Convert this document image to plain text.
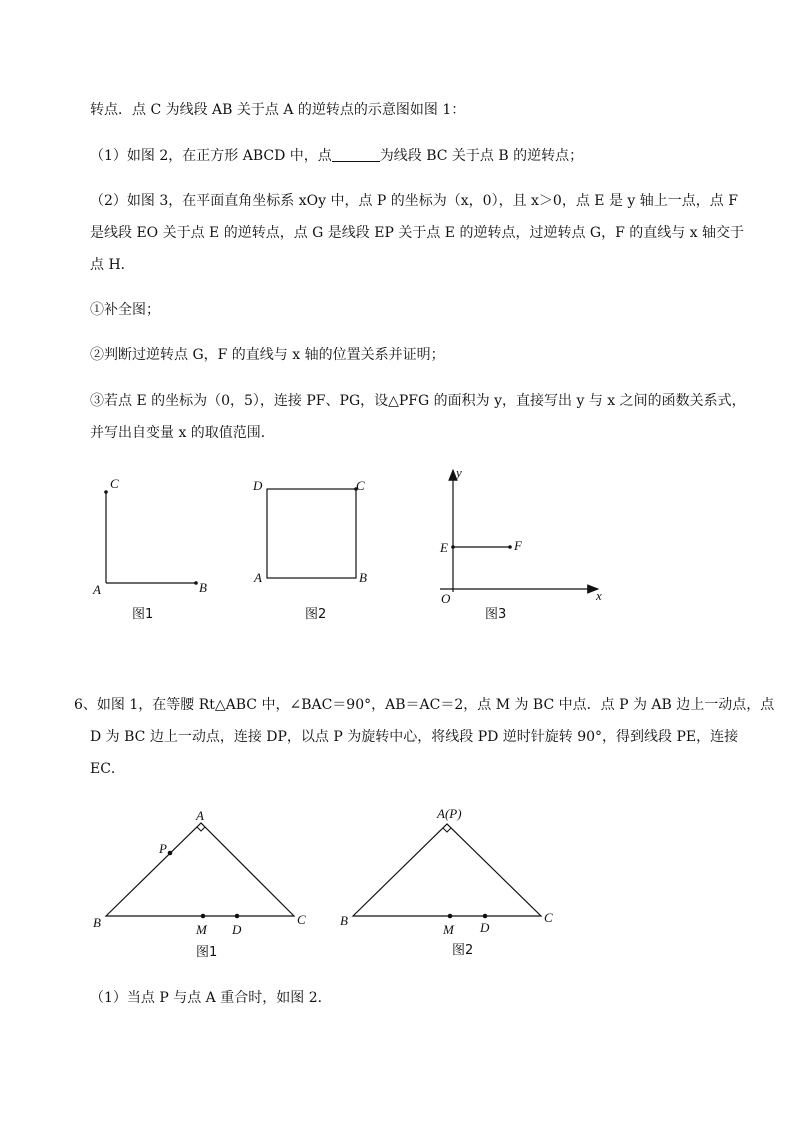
转点．点 C 为线段 AB 关于点 A 的逆转点的示意图如图 1：
（1）如图 2，在正方形 ABCD 中，点	为线段 BC 关于点 B 的逆转点；
（2）如图 3，在平面直角坐标系 xOy 中，点 P 的坐标为（x，0），且 x＞0，点 E 是 y 轴上一点，点 F
是线段 EO 关于点 E 的逆转点，点 G 是线段 EP 关于点 E 的逆转点，过逆转点 G，F 的直线与 x 轴交于
点 H．
①补全图；
②判断过逆转点 G，F 的直线与 x 轴的位置关系并证明；
③若点 E 的坐标为（0，5），连接 PF、PG，设△PFG 的面积为 y，直接写出 y 与 x 之间的函数关系式，
并写出自变量 x 的取值范围．
6、如图 1，在等腰 Rt△ABC 中，∠BAC＝90°，AB＝AC＝2，点 M 为 BC 中点．点 P 为 AB 边上一动点，点
D 为 BC 边上一动点，连接 DP，以点 P 为旋转中心，将线段 PD 逆时针旋转 90°，得到线段 PE，连接
EC．
（1）当点 P 与点 A 重合时，如图 2．
C
A	B
图1
D	C
A	B
图2
y
E	F
O	x
图3
A
P
B	M D
C
图1
A(P)
B
M D
C
图2
